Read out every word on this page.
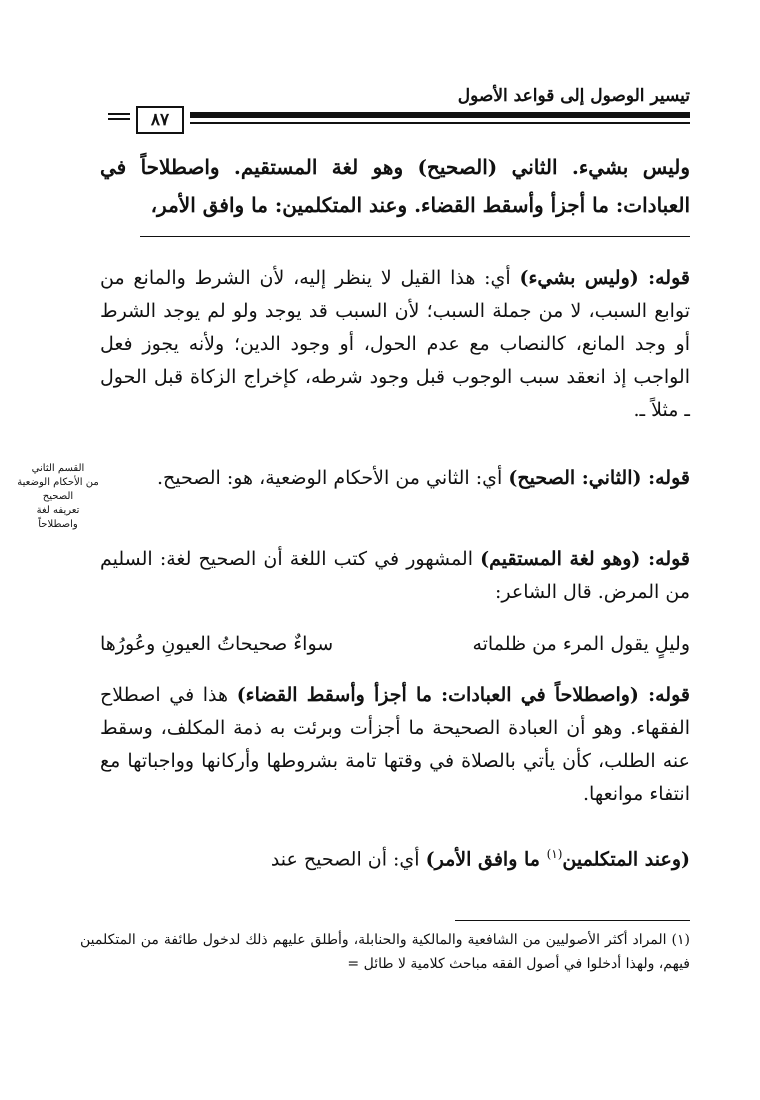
تيسير الوصول إلى قواعد الأصول
٨٧
وليس بشيء. الثاني (الصحيح) وهو لغة المستقيم. واصطلاحاً في العبادات: ما أجزأ وأسقط القضاء. وعند المتكلمين: ما وافق الأمر،
قوله: (وليس بشيء) أي: هذا القيل لا ينظر إليه، لأن الشرط والمانع من توابع السبب، لا من جملة السبب؛ لأن السبب قد يوجد ولو لم يوجد الشرط أو وجد المانع، كالنصاب مع عدم الحول، أو وجود الدين؛ ولأنه يجوز فعل الواجب إذ انعقد سبب الوجوب قبل وجود شرطه، كإخراج الزكاة قبل الحول ـ مثلاً ـ.
قوله: (الثاني: الصحيح) أي: الثاني من الأحكام الوضعية، هو: الصحيح.
قوله: (وهو لغة المستقيم) المشهور في كتب اللغة أن الصحيح لغة: السليم من المرض. قال الشاعر:
وليلٍ يقول المرء من ظلماته
سواءٌ صحيحاتُ العيونِ وعُورُها
قوله: (واصطلاحاً في العبادات: ما أجزأ وأسقط القضاء) هذا في اصطلاح الفقهاء. وهو أن العبادة الصحيحة ما أجزأت وبرئت به ذمة المكلف، وسقط عنه الطلب، كأن يأتي بالصلاة في وقتها تامة بشروطها وأركانها وواجباتها مع انتفاء موانعها.
(وعند المتكلمين$^{(١)}$ ما وافق الأمر) أي: أن الصحيح عند
القسم الثاني
من الأحكام الوضعية
الصحيح
تعريفه لغة
واصطلاحاً
(١) المراد أكثر الأصوليين من الشافعية والمالكية والحنابلة، وأطلق عليهم ذلك لدخول طائفة من المتكلمين فيهم، ولهذا أدخلوا في أصول الفقه مباحث كلامية لا طائل =
